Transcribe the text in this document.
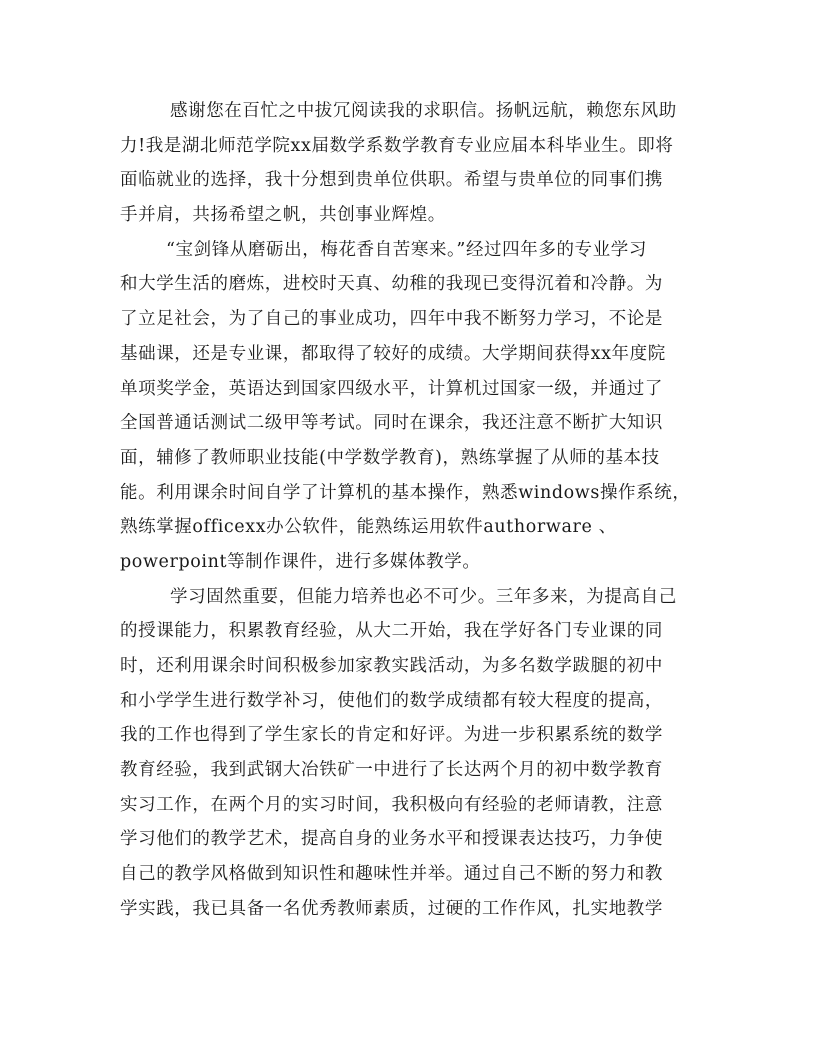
感谢您在百忙之中拔冗阅读我的求职信。扬帆远航，赖您东风助
力!我是湖北师范学院xx届数学系数学教育专业应届本科毕业生。即将
面临就业的选择，我十分想到贵单位供职。希望与贵单位的同事们携
手并肩，共扬希望之帆，共创事业辉煌。
“宝剑锋从磨砺出，梅花香自苦寒来。”经过四年多的专业学习
和大学生活的磨炼，进校时天真、幼稚的我现已变得沉着和冷静。为
了立足社会，为了自己的事业成功，四年中我不断努力学习，不论是
基础课，还是专业课，都取得了较好的成绩。大学期间获得xx年度院
单项奖学金，英语达到国家四级水平，计算机过国家一级，并通过了
全国普通话测试二级甲等考试。同时在课余，我还注意不断扩大知识
面，辅修了教师职业技能(中学数学教育)，熟练掌握了从师的基本技
能。利用课余时间自学了计算机的基本操作，熟悉windows操作系统，
熟练掌握officexx办公软件，能熟练运用软件authorware 、
powerpoint等制作课件，进行多媒体教学。
学习固然重要，但能力培养也必不可少。三年多来，为提高自己
的授课能力，积累教育经验，从大二开始，我在学好各门专业课的同
时，还利用课余时间积极参加家教实践活动，为多名数学跋腿的初中
和小学学生进行数学补习，使他们的数学成绩都有较大程度的提高，
我的工作也得到了学生家长的肯定和好评。为进一步积累系统的数学
教育经验，我到武钢大冶铁矿一中进行了长达两个月的初中数学教育
实习工作，在两个月的实习时间，我积极向有经验的老师请教，注意
学习他们的教学艺术，提高自身的业务水平和授课表达技巧，力争使
自己的教学风格做到知识性和趣味性并举。通过自己不断的努力和教
学实践，我已具备一名优秀教师素质，过硬的工作作风，扎实地教学
